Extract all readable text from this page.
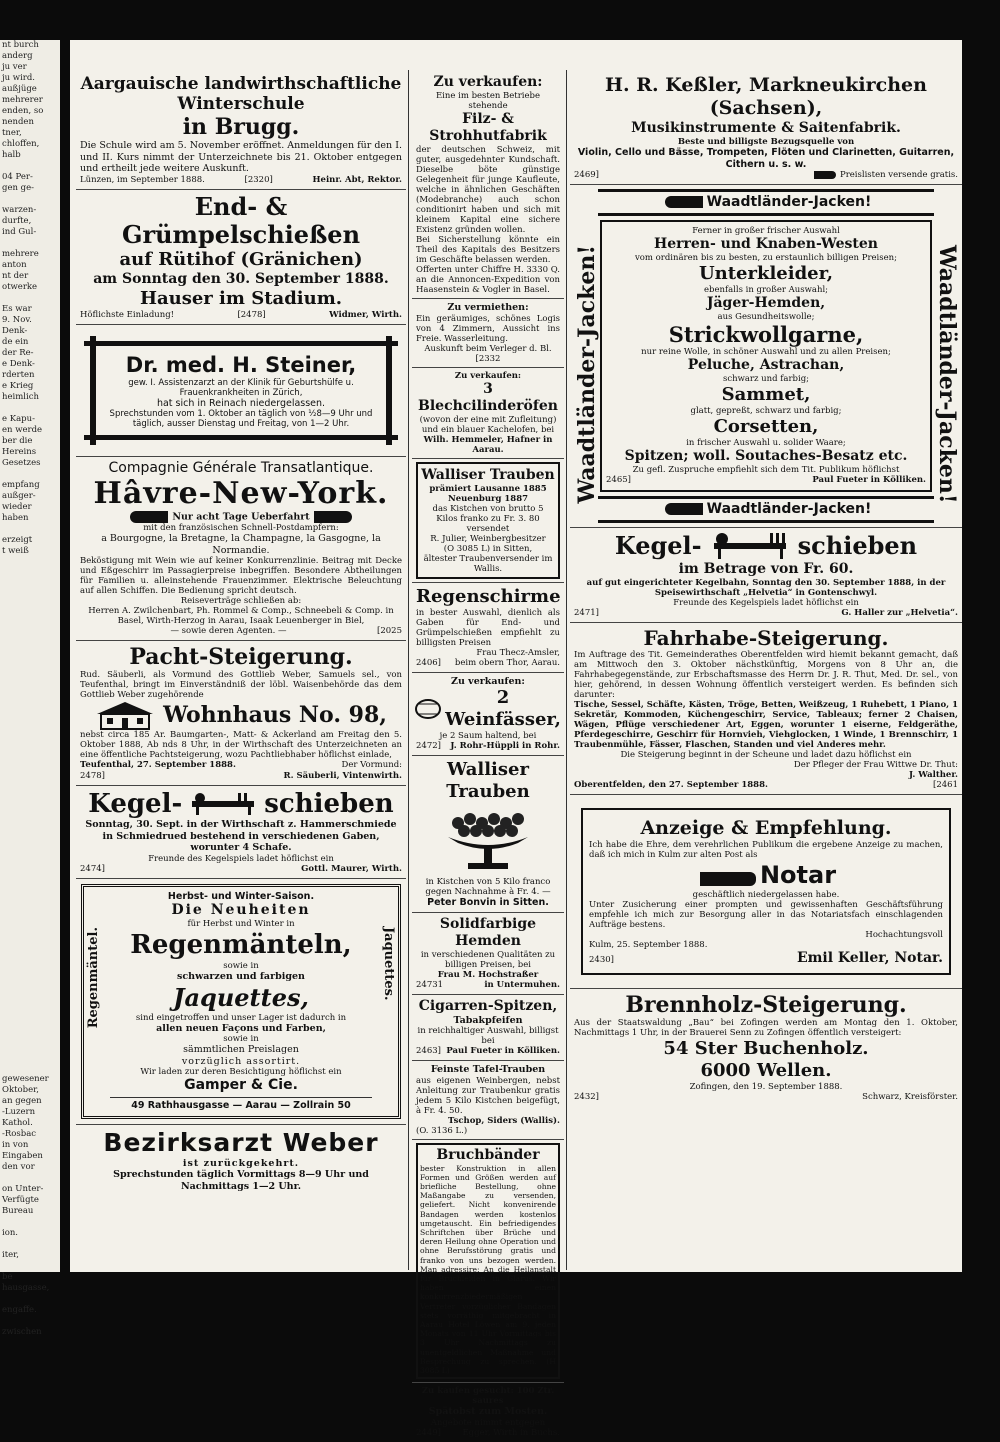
nt burch
anderg
ju ver
ju wird.
außjüge
mehrerer
enden, so
nenden
tner,
chloffen,
halb

04 Per-
gen ge-

warzen-
durfte,
ind Gul-

mehrere
anton
nt der
otwerke

Es war
9. Nov.
Denk-
de ein
der Re-
e Denk-
rderten
e Krieg
heimlich

e Kapu-
en werde
ber die
Hereins
Gesetzes

empfang
außger-
wieder
haben

erzeigt
t weiß

gewesener
Oktober,
an gegen
-Luzern
Kathol.
-Rosbac
in von
Eingaben
den vor

on Unter-
Verfügte
Bureau

ion.

iter,

be
hausgasse,

engaffe.

zwischen
Aargauische landwirthschaftliche Winterschule
in Brugg.
Die Schule wird am 5. November eröffnet. Anmeldungen für den I. und II. Kurs nimmt der Unterzeichnete bis 21. Oktober entgegen und ertheilt jede weitere Auskunft.
Lünzen, im September 1888.	[2320]	Heinr. Abt, Rektor.
End- & Grümpelschießen
auf Rütihof (Gränichen)
am Sonntag den 30. September 1888.
Hauser im Stadium.
Höflichste Einladung!	[2478]	Widmer, Wirth.
Dr. med. H. Steiner,
gew. I. Assistenzarzt an der Klinik für Geburtshülfe u. Frauenkrankheiten in Zürich,
hat sich in Reinach niedergelassen.
Sprechstunden vom 1. Oktober an täglich von ½8—9 Uhr und täglich, ausser Dienstag und Freitag, von 1—2 Uhr.
Compagnie Générale Transatlantique.
Hâvre-New-York.
Nur acht Tage Ueberfahrt
mit den französischen Schnell-Postdampfern:
a Bourgogne, la Bretagne, la Champagne, la Gasgogne, la Normandie.
Beköstigung mit Wein wie auf keiner Konkurrenzlinie. Beitrag mit Decke und Eßgeschirr im Passagierpreise inbegriffen. Besondere Abtheilungen für Familien u. alleinstehende Frauenzimmer. Elektrische Beleuchtung auf allen Schiffen. Die Bedienung spricht deutsch.
Reiseverträge schließen ab:
Herren A. Zwilchenbart, Ph. Rommel & Comp., Schneebeli & Comp. in Basel, Wirth-Herzog in Aarau, Isaak Leuenberger in Biel,
— sowie deren Agenten. —	[2025
Pacht-Steigerung.
Rud. Säuberli, als Vormund des Gottlieb Weber, Samuels sel., von Teufenthal, bringt im Einverständniß der löbl. Waisenbehörde das dem Gottlieb Weber zugehörende
Wohnhaus No. 98,
nebst circa 185 Ar. Baumgarten-, Matt- & Ackerland am Freitag den 5. Oktober 1888, Ab nds 8 Uhr, in der Wirthschaft des Unterzeichneten an eine öffentliche Pachtsteigerung, wozu Pachtliebhaber höflichst einlade,
Teufenthal, 27. September 1888.	Der Vormund:
2478]	R. Säuberli, Vintenwirth.
Kegel-	schieben
Sonntag, 30. Sept. in der Wirthschaft z. Hammerschmiede in Schmiedrued bestehend in verschiedenen Gaben, worunter 4 Schafe.
Freunde des Kegelspiels ladet höflichst ein
2474]	Gottl. Maurer, Wirth.
Regenmäntel.	Jaquettes.
Herbst- und Winter-Saison.
Die Neuheiten
für Herbst und Winter in
Regenmänteln,
sowie in
schwarzen und farbigen
Jaquettes,
sind eingetroffen und unser Lager ist dadurch in
allen neuen Façons und Farben,
sowie in
sämmtlichen Preislagen
vorzüglich assortirt.
Wir laden zur deren Besichtigung höflichst ein
Gamper & Cie.
49 Rathhausgasse — Aarau — Zollrain 50
Bezirksarzt Weber
ist zurückgekehrt.
Sprechstunden täglich Vormittags 8—9 Uhr und Nachmittags 1—2 Uhr.
Zu verkaufen:
Eine im besten Betriebe stehende
Filz- & Strohhutfabrik
der deutschen Schweiz, mit guter, ausgedehnter Kundschaft. Dieselbe böte günstige Gelegenheit für junge Kaufleute, welche in ähnlichen Geschäften (Modebranche) auch schon conditionirt haben und sich mit kleinem Kapital eine sichere Existenz gründen wollen.
Bei Sicherstellung könnte ein Theil des Kapitals des Besitzers im Geschäfte belassen werden.
Offerten unter Chiffre H. 3330 Q. an die Annoncen-Expedition von Haasenstein & Vogler in Basel.
Zu vermiethen:
Ein geräumiges, schönes Logis von 4 Zimmern, Aussicht ins Freie. Wasserleitung.
Auskunft beim Verleger d. Bl. [2332
Zu verkaufen:
3 Blechcilinderöfen
(wovon der eine mit Zufleitung) und ein blauer Kachelofen, bei
Wilh. Hemmeler, Hafner in Aarau.
Walliser Trauben
prämiert Lausanne 1885
Neuenburg 1887
das Kistchen von brutto 5 Kilos franko zu Fr. 3. 80 versendet
R. Julier, Weinbergbesitzer
(O 3085 L) in Sitten,
ältester Traubenversender im Wallis.
Regenschirme
in bester Auswahl, dienlich als Gaben für End- und Grümpelschießen empfiehlt zu billigsten Preisen
Frau Thecz-Amsler,
2406] beim obern Thor, Aarau.
Zu verkaufen:
2 Weinfässer,
je 2 Saum haltend, bei
2472] J. Rohr-Hüppli in Rohr.
Walliser Trauben
in Kistchen von 5 Kilo franco gegen Nachnahme à Fr. 4. —
Peter Bonvin in Sitten.
Solidfarbige Hemden
in verschiedenen Qualitäten zu billigen Preisen, bei
Frau M. Hochstraßer
24731	in Untermuhen.
Cigarren-Spitzen,
Tabakpfeifen
in reichhaltiger Auswahl, billigst bei
2463] Paul Fueter in Kölliken.
Feinste Tafel-Trauben
aus eigenen Weinbergen, nebst Anleitung zur Traubenkur gratis jedem 5 Kilo Kistchen beigefügt, à Fr. 4. 50.
Tschop, Siders (Wallis).
(O. 3136 L.)
Bruchbänder
bester Konstruktion in allen Formen und Größen werden auf briefliche Bestellung, ohne Maßangabe zu versenden, geliefert. Nicht konvenirende Bandagen werden kostenlos umgetauscht. Ein befriedigendes Schriftchen über Brüche und deren Heilung ohne Operation und ohne Berufsstörung gratis und franko von uns bezogen werden. Man adressire: An die Heilanstalt für Bruchleiden in Glarus. Wir haben einen konkurrenzbiedermäßigen Vertreter vorzüglicher Bandagen stets vorräthig mitgebracht in Aarau Hotel Löwen am 9. jeden Monats von 11 Uhr Vormittags bis 3 Uhr Nachmittags zu unentgeldlichen Maßnahme und Besprechung zu sprechen. (H 3085 L)
Zu kaufen gesucht: 100 Ztr. saures
Spätobst zum Mosten.
Angebote nimmt entgegen
2449]	Egger, Wirth in Buchs.
H. R. Keßler, Markneukirchen (Sachsen),
Musikinstrumente & Saitenfabrik.
Beste und billigste Bezugsquelle von
Violin, Cello und Bässe, Trompeten, Flöten und Clarinetten, Guitarren, Cithern u. s. w.
2469]	Preislisten versende gratis.
Waadtländer-Jacken!	Waadtländer-Jacken!
Waadtländer-Jacken!
Ferner in großer frischer Auswahl
Herren- und Knaben-Westen
vom ordinären bis zu besten, zu erstaunlich billigen Preisen;
Unterkleider,
ebenfalls in großer Auswahl;
Jäger-Hemden,
aus Gesundheitswolle;
Strickwollgarne,
nur reine Wolle, in schöner Auswahl und zu allen Preisen;
Peluche, Astrachan,
schwarz und farbig;
Sammet,
glatt, gepreßt, schwarz und farbig;
Corsetten,
in frischer Auswahl u. solider Waare;
Spitzen; woll. Soutaches-Besatz etc.
Zu gefl. Zuspruche empfiehlt sich dem Tit. Publikum höflichst
2465]	Paul Fueter in Kölliken.
Waadtländer-Jacken!
Kegel-	schieben
im Betrage von Fr. 60.
auf gut eingerichteter Kegelbahn, Sonntag den 30. September 1888, in der Speisewirthschaft „Helvetia“ in Gontenschwyl.
Freunde des Kegelspiels ladet höflichst ein
2471]	G. Haller zur „Helvetia“.
Fahrhabe-Steigerung.
Im Auftrage des Tit. Gemeinderathes Oberentfelden wird hiemit bekannt gemacht, daß am Mittwoch den 3. Oktober nächstkünftig, Morgens von 8 Uhr an, die Fahrhabegegenstände, zur Erbschaftsmasse des Herrn Dr. J. R. Thut, Med. Dr. sel., von hier, gehörend, in dessen Wohnung öffentlich versteigert werden. Es befinden sich darunter:
Tische, Sessel, Schäfte, Kästen, Tröge, Betten, Weißzeug, 1 Ruhebett, 1 Piano, 1 Sekretär, Kommoden, Küchengeschirr, Service, Tableaux; ferner 2 Chaisen, Wägen, Pflüge verschiedener Art, Eggen, worunter 1 eiserne, Feldgeräthe, Pferdegeschirre, Geschirr für Hornvieh, Viehglocken, 1 Winde, 1 Brennschirr, 1 Traubenmühle, Fässer, Flaschen, Standen und viel Anderes mehr.
Die Steigerung beginnt in der Scheune und ladet dazu höflichst ein
Der Pfleger der Frau Wittwe Dr. Thut:
J. Walther.
Oberentfelden, den 27. September 1888.	[2461
Anzeige & Empfehlung.
Ich habe die Ehre, dem verehrlichen Publikum die ergebene Anzeige zu machen, daß ich mich in Kulm zur alten Post als
Notar
geschäftlich niedergelassen habe.
Unter Zusicherung einer prompten und gewissenhaften Geschäftsführung empfehle ich mich zur Besorgung aller in das Notariatsfach einschlagenden Aufträge bestens.
Hochachtungsvoll
Kulm, 25. September 1888.
2430]	Emil Keller, Notar.
Brennholz-Steigerung.
Aus der Staatswaldung „Bau“ bei Zofingen werden am Montag den 1. Oktober, Nachmittags 1 Uhr, in der Brauerei Senn zu Zofingen öffentlich versteigert:
54 Ster Buchenholz.
6000 Wellen.
Zofingen, den 19. September 1888.
2432]	Schwarz, Kreisförster.
